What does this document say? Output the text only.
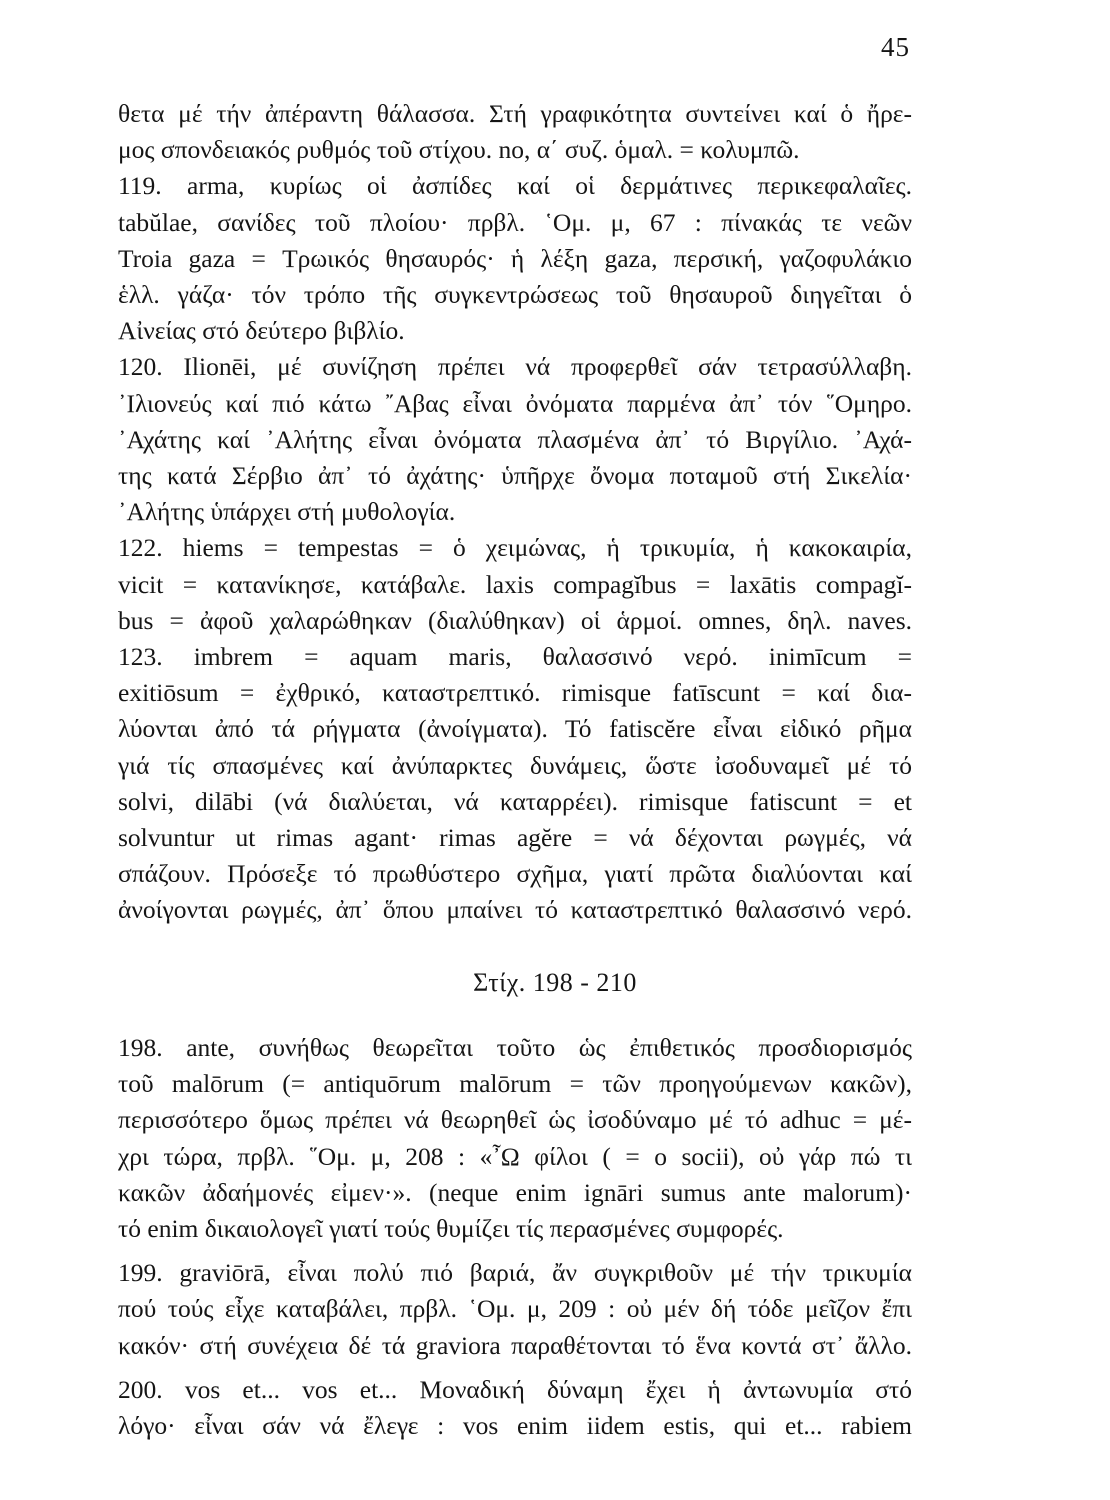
45

θετα μέ τήν ἀπέραντη θάλασσα. Στή γραφικότητα συντείνει καί ὁ ἤρε-

μος σπονδειακός ρυθμός τοῦ στίχου. no, α΄ συζ. ὁμαλ. = κολυμπῶ.

119. arma, κυρίως οἱ ἀσπίδες καί οἱ δερμάτινες περικεφαλαῖες.

tabŭlae, σανίδες τοῦ πλοίου· πρβλ. ῾Ομ. μ, 67 : πίνακάς τε νεῶν

Troia gaza = Τρωικός θησαυρός· ἡ λέξη gaza, περσική, γαζοφυλάκιο

ἑλλ. γάζα· τόν τρόπο τῆς συγκεντρώσεως τοῦ θησαυροῦ διηγεῖται ὁ

Αἰνείας στό δεύτερο βιβλίο.

120. Ilionēi, μέ συνίζηση πρέπει νά προφερθεῖ σάν τετρασύλλαβη.

᾿Ιλιονεύς καί πιό κάτω ῎Αβας εἶναι ὀνόματα παρμένα ἀπ᾿ τόν ῞Ομηρο.

᾿Αχάτης καί ᾿Αλήτης εἶναι ὀνόματα πλασμένα ἀπ᾿ τό Βιργίλιο. ᾿Αχά-

της κατά Σέρβιο ἀπ᾿ τό ἀχάτης· ὑπῆρχε ὄνομα ποταμοῦ στή Σικελία·

᾿Αλήτης ὑπάρχει στή μυθολογία.

122. hiems = tempestas = ὁ χειμώνας, ἡ τρικυμία, ἡ κακοκαιρία,

vicit = κατανίκησε, κατάβαλε. laxis compagĭbus = laxātis compagĭ-

bus = ἀφοῦ χαλαρώθηκαν (διαλύθηκαν) οἱ ἁρμοί. omnes, δηλ. naves.

123. imbrem = aquam maris, θαλασσινό νερό. inimīcum =

exitiōsum = ἐχθρικό, καταστρεπτικό. rimisque fatīscunt = καί δια-

λύονται ἀπό τά ρήγματα (ἀνοίγματα). Τό fatiscĕre εἶναι εἰδικό ρῆμα

γιά τίς σπασμένες καί ἀνύπαρκτες δυνάμεις, ὥστε ἰσοδυναμεῖ μέ τό

solvi, dilābi (νά διαλύεται, νά καταρρέει). rimisque fatiscunt = et

solvuntur ut rimas agant· rimas agĕre = νά δέχονται ρωγμές, νά

σπάζουν. Πρόσεξε τό πρωθύστερο σχῆμα, γιατί πρῶτα διαλύονται καί

ἀνοίγονται ρωγμές, ἀπ᾿ ὅπου μπαίνει τό καταστρεπτικό θαλασσινό νερό.

Στίχ. 198 - 210

198. ante, συνήθως θεωρεῖται τοῦτο ὡς ἐπιθετικός προσδιορισμός

τοῦ malōrum (= antiquōrum malōrum = τῶν προηγούμενων κακῶν),

περισσότερο ὅμως πρέπει νά θεωρηθεῖ ὡς ἰσοδύναμο μέ τό adhuc = μέ-

χρι τώρα, πρβλ. ῞Ομ. μ, 208 : «῏Ω φίλοι ( = o socii), οὐ γάρ πώ τι

κακῶν ἀδαήμονές εἰμεν·». (neque enim ignāri sumus ante malorum)·

τό enim δικαιολογεῖ γιατί τούς θυμίζει τίς περασμένες συμφορές.

199. graviōrā, εἶναι πολύ πιό βαριά, ἄν συγκριθοῦν μέ τήν τρικυμία

πού τούς εἶχε καταβάλει, πρβλ. ῾Ομ. μ, 209 : οὐ μέν δή τόδε μεῖζον ἔπι

κακόν· στή συνέχεια δέ τά graviora παραθέτονται τό ἕνα κοντά στ᾿ ἄλλο.

200. vos et... vos et... Μοναδική δύναμη ἔχει ἡ ἀντωνυμία στό

λόγο· εἶναι σάν νά ἔλεγε : vos enim iidem estis, qui et... rabiem
